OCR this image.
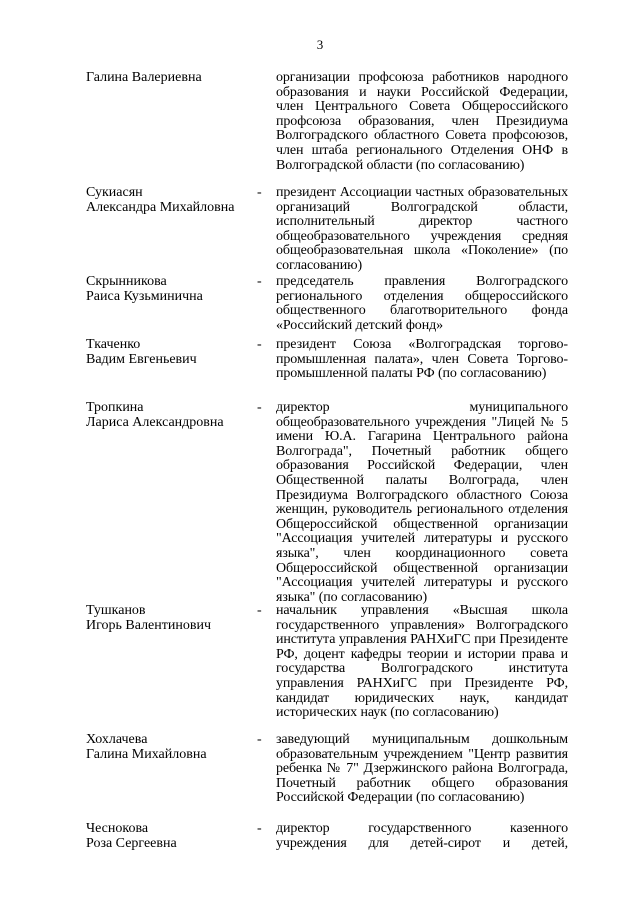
3
Галина Валериевна	организации профсоюза работников народного образования и науки Российской Федерации, член Центрального Совета Общероссийского профсоюза образования, член Президиума Волгоградского областного Совета профсоюзов, член штаба регионального Отделения ОНФ в Волгоградской области (по согласованию)
Сукиасян
Александра Михайловна
- президент Ассоциации частных образовательных организаций Волгоградской области, исполнительный директор частного общеобразовательного учреждения средняя общеобразовательная школа «Поколение» (по согласованию)
Скрынникова
Раиса Кузьминична
- председатель правления Волгоградского регионального отделения общероссийского общественного благотворительного фонда «Российский детский фонд»
Ткаченко
Вадим Евгеньевич
- президент Союза «Волгоградская торгово-промышленная палата», член Совета Торгово-промышленной палаты РФ (по согласованию)
Тропкина
Лариса Александровна
- директор муниципального общеобразовательного учреждения "Лицей № 5 имени Ю.А. Гагарина Центрального района Волгограда", Почетный работник общего образования Российской Федерации, член Общественной палаты Волгограда, член Президиума Волгоградского областного Союза женщин, руководитель регионального отделения Общероссийской общественной организации "Ассоциация учителей литературы и русского языка", член координационного совета Общероссийской общественной организации "Ассоциация учителей литературы и русского языка" (по согласованию)
Тушканов
Игорь Валентинович
- начальник управления «Высшая школа государственного управления» Волгоградского института управления РАНХиГС при Президенте РФ, доцент кафедры теории и истории права и государства Волгоградского института управления РАНХиГС при Президенте РФ, кандидат юридических наук, кандидат исторических наук (по согласованию)
Хохлачева
Галина Михайловна
- заведующий муниципальным дошкольным образовательным учреждением "Центр развития ребенка № 7" Дзержинского района Волгограда, Почетный работник общего образования Российской Федерации (по согласованию)
Чеснокова
Роза Сергеевна
- директор государственного казенного учреждения для детей-сирот и детей,
